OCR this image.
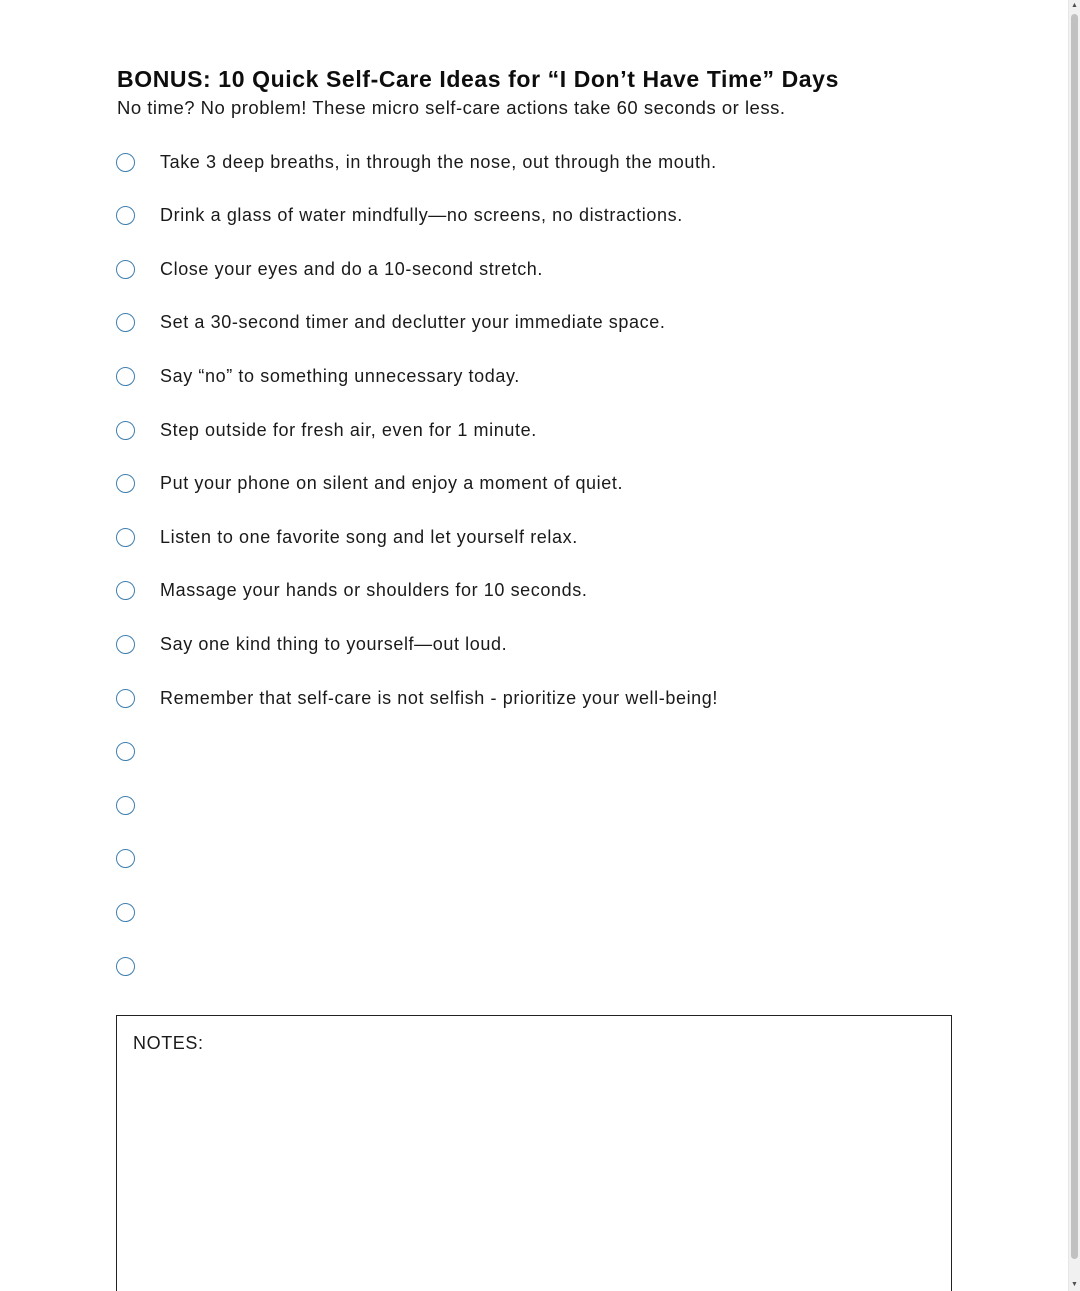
BONUS: 10 Quick Self-Care Ideas for “I Don’t Have Time” Days
No time? No problem! These micro self-care actions take 60 seconds or less.
Take 3 deep breaths, in through the nose, out through the mouth.
Drink a glass of water mindfully—no screens, no distractions.
Close your eyes and do a 10-second stretch.
Set a 30-second timer and declutter your immediate space.
Say “no” to something unnecessary today.
Step outside for fresh air, even for 1 minute.
Put your phone on silent and enjoy a moment of quiet.
Listen to one favorite song and let yourself relax.
Massage your hands or shoulders for 10 seconds.
Say one kind thing to yourself—out loud.
Remember that self-care is not selfish - prioritize your well-being!
NOTES:
▲
▼
